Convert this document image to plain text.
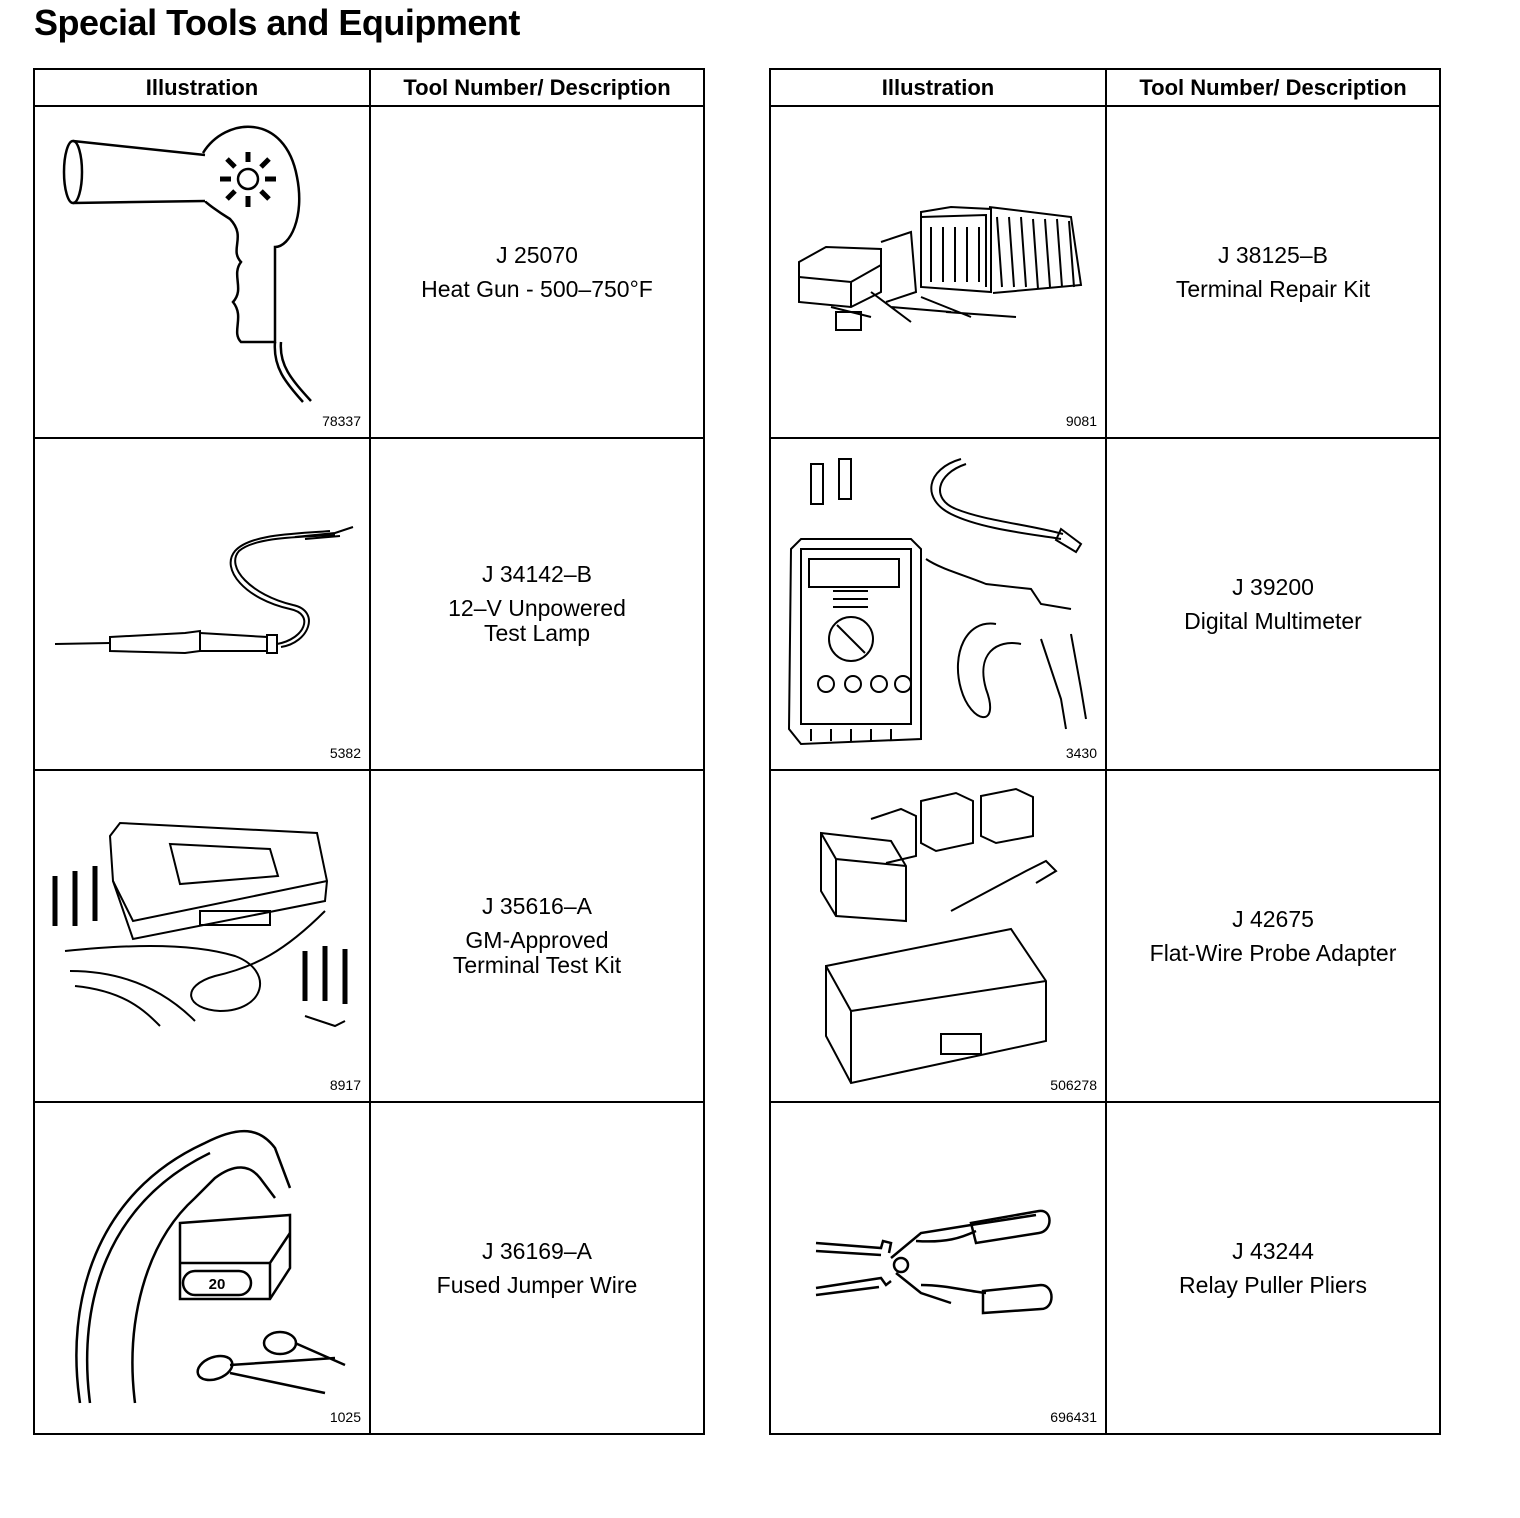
Special Tools and Equipment
Illustration	Tool Number/ Description

78337	J 25070
Heat Gun - 500–750°F

5382	J 34142–B
12–V Unpowered
Test Lamp

8917	J 35616–A
GM-Approved
Terminal Test Kit

20
1025	J 36169–A
Fused Jumper Wire
Illustration	Tool Number/ Description

9081	J 38125–B
Terminal Repair Kit

3430	J 39200
Digital Multimeter

506278	J 42675
Flat-Wire Probe Adapter

696431	J 43244
Relay Puller Pliers
